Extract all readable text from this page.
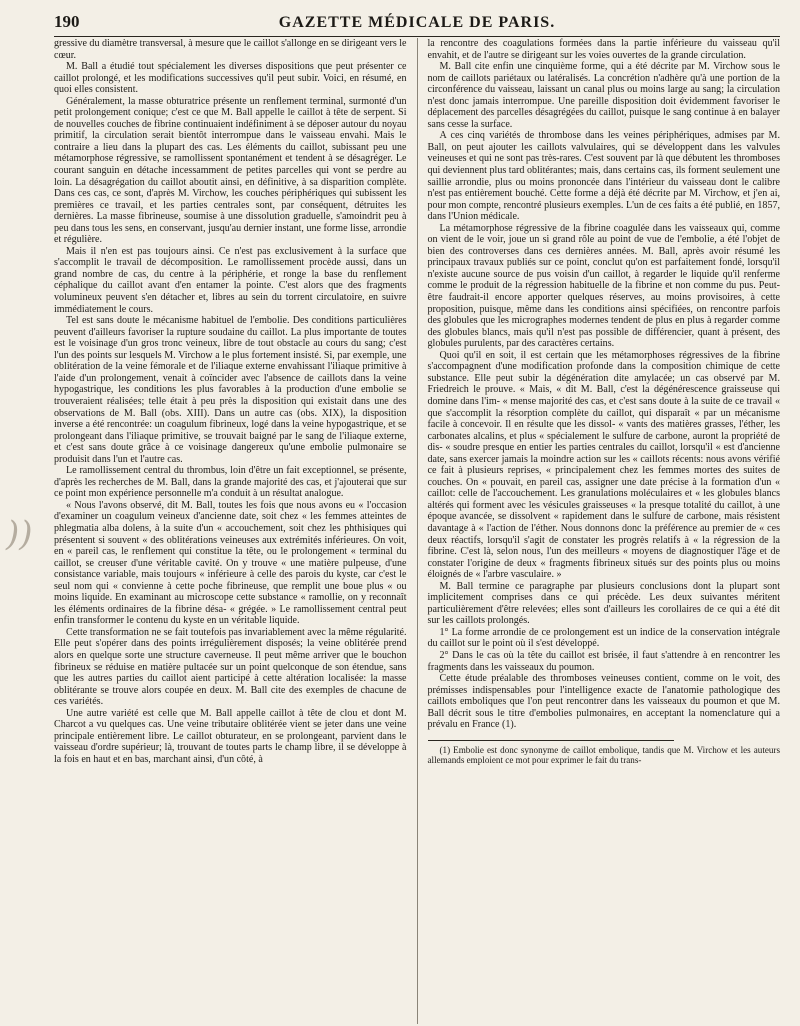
190	GAZETTE MÉDICALE DE PARIS.

gressive du diamètre transversal, à mesure que le caillot s'allonge en se dirigeant vers le cœur.

M. Ball a étudié tout spécialement les diverses dispositions que peut présenter ce caillot prolongé, et les modifications successives qu'il peut subir. Voici, en résumé, en quoi elles consistent.

Généralement, la masse obturatrice présente un renflement terminal, surmonté d'un petit prolongement conique; c'est ce que M. Ball appelle le caillot à tête de serpent. Si de nouvelles couches de fibrine continuaient indéfiniment à se déposer autour du noyau primitif, la circulation serait bientôt interrompue dans le vaisseau envahi. Mais le contraire a lieu dans la plupart des cas. Les éléments du caillot, subissant peu une métamorphose régressive, se ramollissent spontanément et tendent à se désagréger. Le courant sanguin en détache incessamment de petites parcelles qui vont se perdre au loin. La désagrégation du caillot aboutit ainsi, en définitive, à sa disparition complète. Dans ces cas, ce sont, d'après M. Virchow, les couches périphériques qui subissent les premières ce travail, et les parties centrales sont, par conséquent, détruites les dernières. La masse fibrineuse, soumise à une dissolution graduelle, s'amoindrit peu à peu dans tous les sens, en conservant, jusqu'au dernier instant, une forme lisse, arrondie et régulière.

Mais il n'en est pas toujours ainsi. Ce n'est pas exclusivement à la surface que s'accomplit le travail de décomposition. Le ramollissement procède aussi, dans un grand nombre de cas, du centre à la périphérie, et ronge la base du renflement céphalique du caillot avant d'en entamer la pointe. C'est alors que des fragments volumineux peuvent s'en détacher et, libres au sein du torrent circulatoire, en suivre immédiatement le cours.

Tel est sans doute le mécanisme habituel de l'embolie. Des conditions particulières peuvent d'ailleurs favoriser la rupture soudaine du caillot. La plus importante de toutes est le voisinage d'un gros tronc veineux, libre de tout obstacle au cours du sang; c'est l'un des points sur lesquels M. Virchow a le plus fortement insisté. Si, par exemple, une oblitération de la veine fémorale et de l'iliaque externe envahissant l'iliaque primitive à l'aide d'un prolongement, venait à coïncider avec l'absence de caillots dans la veine hypogastrique, les conditions les plus favorables à la production d'une embolie se trouveraient réalisées; telle était à peu près la disposition qui existait dans une des observations de M. Ball (obs. XIII). Dans un autre cas (obs. XIX), la disposition inverse a été rencontrée: un coagulum fibrineux, logé dans la veine hypogastrique, et se prolongeant dans l'iliaque primitive, se trouvait baigné par le sang de l'iliaque externe, et c'est sans doute grâce à ce voisinage dangereux qu'une embolie pulmonaire se produisit dans l'un et l'autre cas.

Le ramollissement central du thrombus, loin d'être un fait exceptionnel, se présente, d'après les recherches de M. Ball, dans la grande majorité des cas, et j'ajouterai que sur ce point mon expérience personnelle m'a conduit à un résultat analogue.

« Nous l'avons observé, dit M. Ball, toutes les fois que nous avons eu « l'occasion d'examiner un coagulum veineux d'ancienne date, soit chez « les femmes atteintes de phlegmatia alba dolens, à la suite d'un « accouchement, soit chez les phthisiques qui présentent si souvent « des oblitérations veineuses aux extrémités inférieures. On voit, en « pareil cas, le renflement qui constitue la tête, ou le prolongement « terminal du caillot, se creuser d'une véritable cavité. On y trouve « une matière pulpeuse, d'une consistance variable, mais toujours « inférieure à celle des parois du kyste, car c'est le seul nom qui « convienne à cette poche fibrineuse, que remplit une boue plus « ou moins liquide. En examinant au microscope cette substance « ramollie, on y reconnaît les éléments ordinaires de la fibrine désa- « grégée. » Le ramollissement central peut enfin transformer le contenu du kyste en un véritable liquide.

Cette transformation ne se fait toutefois pas invariablement avec la même régularité. Elle peut s'opérer dans des points irrégulièrement disposés; la veine oblitérée prend alors en quelque sorte une structure caverneuse. Il peut même arriver que le bouchon fibrineux se réduise en matière pultacée sur un point quelconque de son étendue, sans que les autres parties du caillot aient participé à cette altération localisée: la masse oblitérante se trouve alors coupée en deux. M. Ball cite des exemples de chacune de ces variétés.

Une autre variété est celle que M. Ball appelle caillot à tête de clou et dont M. Charcot a vu quelques cas. Une veine tributaire oblitérée vient se jeter dans une veine principale entièrement libre. Le caillot obturateur, en se prolongeant, parvient dans le vaisseau d'ordre supérieur; là, trouvant de toutes parts le champ libre, il se développe à la fois en haut et en bas, marchant ainsi, d'un côté, à

la rencontre des coagulations formées dans la partie inférieure du vaisseau qu'il envahit, et de l'autre se dirigeant sur les voies ouvertes de la grande circulation.

M. Ball cite enfin une cinquième forme, qui a été décrite par M. Virchow sous le nom de caillots pariétaux ou latéralisés. La concrétion n'adhère qu'à une portion de la circonférence du vaisseau, laissant un canal plus ou moins large au sang; la circulation n'est donc jamais interrompue. Une pareille disposition doit évidemment favoriser le déplacement des parcelles désagrégées du caillot, puisque le sang continue à en balayer sans cesse la surface.

A ces cinq variétés de thrombose dans les veines périphériques, admises par M. Ball, on peut ajouter les caillots valvulaires, qui se développent dans les valvules veineuses et qui ne sont pas très-rares. C'est souvent par là que débutent les thromboses qui deviennent plus tard oblitérantes; mais, dans certains cas, ils forment seulement une saillie arrondie, plus ou moins prononcée dans l'intérieur du vaisseau dont le calibre n'est pas entièrement bouché. Cette forme a déjà été décrite par M. Virchow, et j'en ai, pour mon compte, rencontré plusieurs exemples. L'un de ces faits a été publié, en 1857, dans l'Union médicale.

La métamorphose régressive de la fibrine coagulée dans les vaisseaux qui, comme on vient de le voir, joue un si grand rôle au point de vue de l'embolie, a été l'objet de bien des controverses dans ces dernières années. M. Ball, après avoir résumé les principaux travaux publiés sur ce point, conclut qu'on est parfaitement fondé, lorsqu'il n'existe aucune source de pus voisin d'un caillot, à regarder le liquide qu'il renferme comme le produit de la régression habituelle de la fibrine et non comme du pus. Peut-être faudrait-il encore apporter quelques réserves, au moins provisoires, à cette proposition, puisque, même dans les conditions ainsi spécifiées, on rencontre parfois des globules que les micrographes modernes tendent de plus en plus à regarder comme des globules blancs, mais qu'il n'est pas possible de différencier, quant à présent, des globules purulents, par des caractères certains.

Quoi qu'il en soit, il est certain que les métamorphoses régressives de la fibrine s'accompagnent d'une modification profonde dans la composition chimique de cette substance. Elle peut subir la dégénération dite amylacée; un cas observé par M. Friedreich le prouve. « Mais, « dit M. Ball, c'est la dégénérescence graisseuse qui domine dans l'im- « mense majorité des cas, et c'est sans doute à la suite de ce travail « que s'accomplit la résorption complète du caillot, qui disparaît « par un mécanisme facile à concevoir. Il en résulte que les dissol- « vants des matières grasses, l'éther, les carbonates alcalins, et plus « spécialement le sulfure de carbone, auront la propriété de dis- « soudre presque en entier les parties centrales du caillot, lorsqu'il « est d'ancienne date, sans exercer jamais la moindre action sur les « caillots récents: nous avons vérifié ce fait à plusieurs reprises, « principalement chez les femmes mortes des suites de couches. On « pouvait, en pareil cas, assigner une date précise à la formation d'un « caillot: celle de l'accouchement. Les granulations moléculaires et « les globules blancs altérés qui forment avec les vésicules graisseuses « la presque totalité du caillot, à une époque avancée, se dissolvent « rapidement dans le sulfure de carbone, mais résistent davantage à « l'action de l'éther. Nous donnons donc la préférence au premier de « ces deux réactifs, lorsqu'il s'agit de constater les progrès relatifs à « la régression de la fibrine. C'est là, selon nous, l'un des meilleurs « moyens de diagnostiquer l'âge et de constater l'origine de deux « fragments fibrineux situés sur des points plus ou moins éloignés de « l'arbre vasculaire. »

M. Ball termine ce paragraphe par plusieurs conclusions dont la plupart sont implicitement comprises dans ce qui précède. Les deux suivantes méritent particulièrement d'être relevées; elles sont d'ailleurs les corollaires de ce qui a été dit sur les caillots prolongés.

1° La forme arrondie de ce prolongement est un indice de la conservation intégrale du caillot sur le point où il s'est développé.

2° Dans le cas où la tête du caillot est brisée, il faut s'attendre à en rencontrer les fragments dans les vaisseaux du poumon.

Cette étude préalable des thromboses veineuses contient, comme on le voit, des prémisses indispensables pour l'intelligence exacte de l'anatomie pathologique des caillots emboliques que l'on peut rencontrer dans les vaisseaux du poumon et que M. Ball décrit sous le titre d'embolies pulmonaires, en acceptant la nomenclature qui a prévalu en France (1).

(1) Embolie est donc synonyme de caillot embolique, tandis que M. Virchow et les auteurs allemands emploient ce mot pour exprimer le fait du trans-

))
